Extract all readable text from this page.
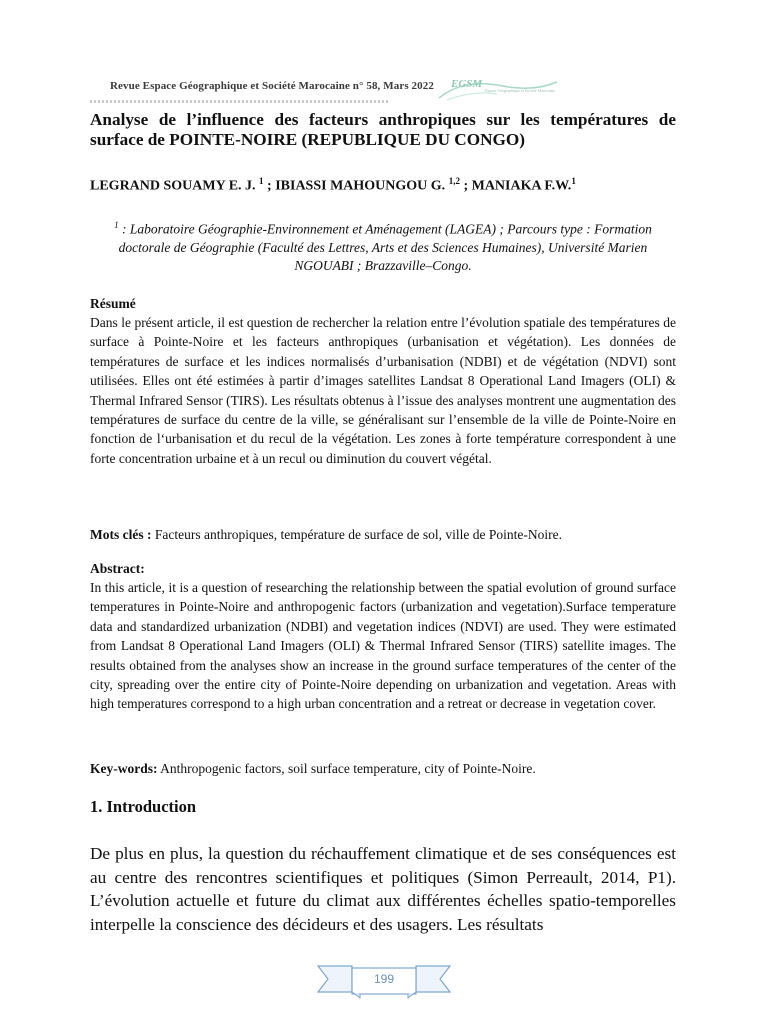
Revue Espace Géographique et Société Marocaine n° 58, Mars 2022 EGSM
Espace Géographique et Société Marocaine
Analyse de l’influence des facteurs anthropiques sur les températures de surface de POINTE-NOIRE (REPUBLIQUE DU CONGO)
LEGRAND SOUAMY E. J. $^1$ ; IBIASSI MAHOUNGOU G. $^{1,2}$ ; MANIAKA F.W.$^1$
$^1$ : Laboratoire Géographie-Environnement et Aménagement (LAGEA) ; Parcours type : Formation doctorale de Géographie (Faculté des Lettres, Arts et des Sciences Humaines), Université Marien NGOUABI ; Brazzaville–Congo.
Résumé
Dans le présent article, il est question de rechercher la relation entre l’évolution spatiale des températures de surface à Pointe-Noire et les facteurs anthropiques (urbanisation et végétation). Les données de températures de surface et les indices normalisés d’urbanisation (NDBI) et de végétation (NDVI) sont utilisées. Elles ont été estimées à partir d’images satellites Landsat 8 Operational Land Imagers (OLI) & Thermal Infrared Sensor (TIRS). Les résultats obtenus à l’issue des analyses montrent une augmentation des températures de surface du centre de la ville, se généralisant sur l’ensemble de la ville de Pointe-Noire en fonction de l‘urbanisation et du recul de la végétation. Les zones à forte température correspondent à une forte concentration urbaine et à un recul ou diminution du couvert végétal.
Mots clés : Facteurs anthropiques, température de surface de sol, ville de Pointe-Noire.
Abstract:
In this article, it is a question of researching the relationship between the spatial evolution of ground surface temperatures in Pointe-Noire and anthropogenic factors (urbanization and vegetation).Surface temperature data and standardized urbanization (NDBI) and vegetation indices (NDVI) are used. They were estimated from Landsat 8 Operational Land Imagers (OLI) & Thermal Infrared Sensor (TIRS) satellite images. The results obtained from the analyses show an increase in the ground surface temperatures of the center of the city, spreading over the entire city of Pointe-Noire depending on urbanization and vegetation. Areas with high temperatures correspond to a high urban concentration and a retreat or decrease in vegetation cover.
Key-words: Anthropogenic factors, soil surface temperature, city of Pointe-Noire.
1. Introduction
De plus en plus, la question du réchauffement climatique et de ses conséquences est au centre des rencontres scientifiques et politiques (Simon Perreault, 2014, P1). L’évolution actuelle et future du climat aux différentes échelles spatio-temporelles interpelle la conscience des décideurs et des usagers. Les résultats
199
